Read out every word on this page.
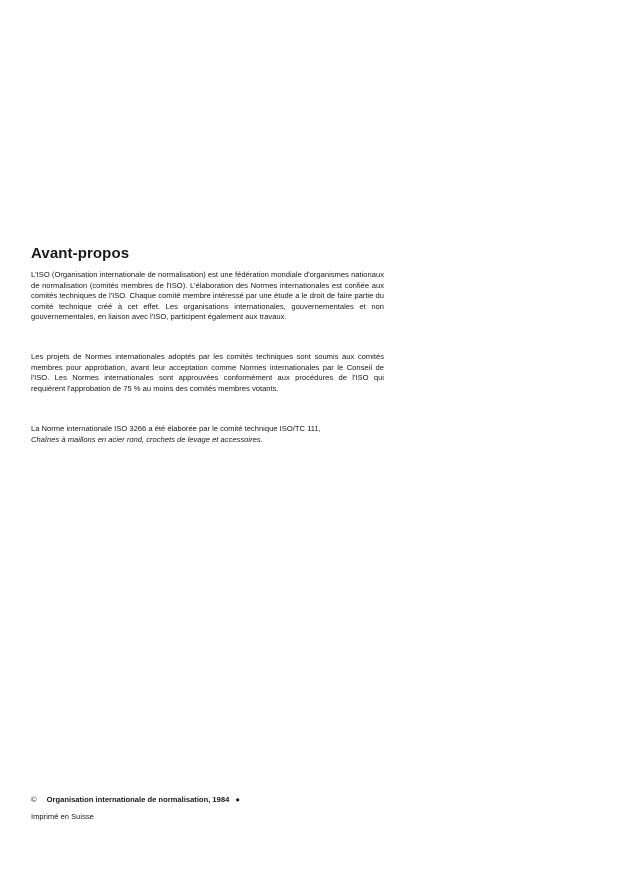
Avant-propos

L'ISO (Organisation internationale de normalisation) est une fédération mondiale d'organismes nationaux de normalisation (comités membres de l'ISO). L'élaboration des Normes internationales est confiée aux comités techniques de l'ISO. Chaque comité membre intéressé par une étude a le droit de faire partie du comité technique créé à cet effet. Les organisations internationales, gouvernementales et non gouvernementales, en liaison avec l'ISO, participent également aux travaux.

Les projets de Normes internationales adoptés par les comités techniques sont soumis aux comités membres pour approbation, avant leur acceptation comme Normes internationales par le Conseil de l'ISO. Les Normes internationales sont approuvées conformément aux procédures de l'ISO qui requièrent l'approbation de 75 % au moins des comités membres votants.

La Norme internationale ISO 3266 a été élaborée par le comité technique ISO/TC 111,
Chaînes à maillons en acier rond, crochets de levage et accessoires.

© Organisation internationale de normalisation, 1984 ●
Imprimé en Suisse
